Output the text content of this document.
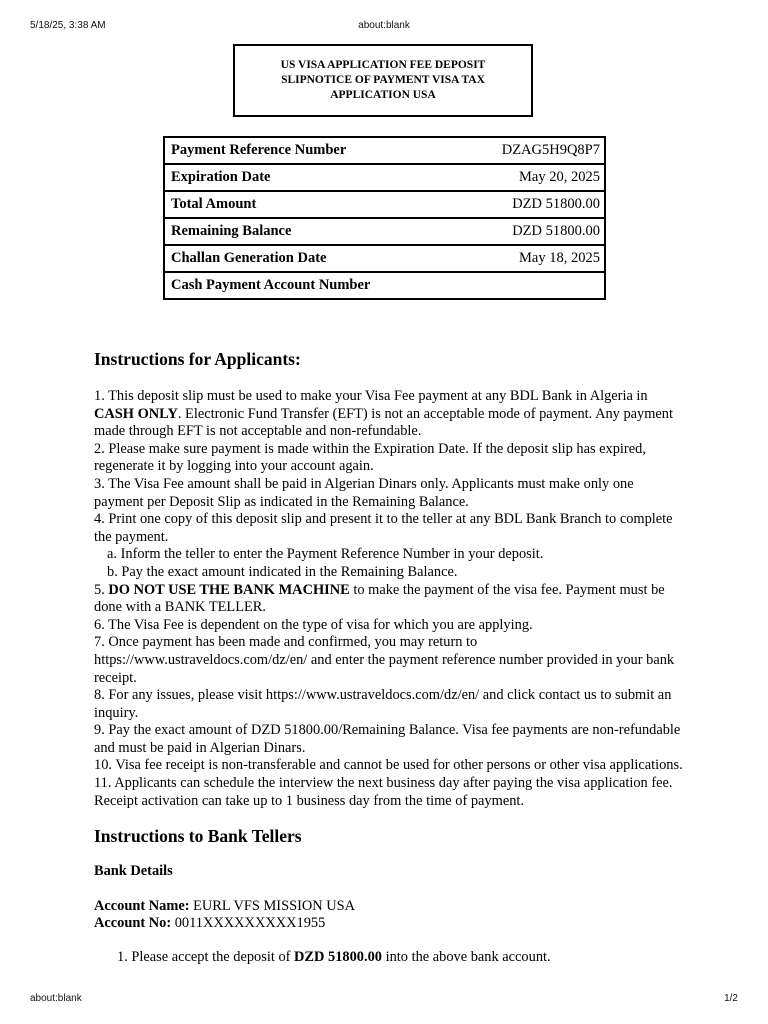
5/18/25, 3:38 AM	about:blank
US VISA APPLICATION FEE DEPOSIT SLIPNOTICE OF PAYMENT VISA TAX APPLICATION USA
Payment Reference Number	DZAG5H9Q8P7
Expiration Date	May 20, 2025
Total Amount	DZD 51800.00
Remaining Balance	DZD 51800.00
Challan Generation Date	May 18, 2025
Cash Payment Account Number	
Instructions for Applicants:

1. This deposit slip must be used to make your Visa Fee payment at any BDL Bank in Algeria in CASH ONLY. Electronic Fund Transfer (EFT) is not an acceptable mode of payment. Any payment made through EFT is not acceptable and non-refundable.

2. Please make sure payment is made within the Expiration Date. If the deposit slip has expired, regenerate it by logging into your account again.

3. The Visa Fee amount shall be paid in Algerian Dinars only. Applicants must make only one payment per Deposit Slip as indicated in the Remaining Balance.

4. Print one copy of this deposit slip and present it to the teller at any BDL Bank Branch to complete the payment.

a. Inform the teller to enter the Payment Reference Number in your deposit.

b. Pay the exact amount indicated in the Remaining Balance.

5. DO NOT USE THE BANK MACHINE to make the payment of the visa fee. Payment must be done with a BANK TELLER.

6. The Visa Fee is dependent on the type of visa for which you are applying.

7. Once payment has been made and confirmed, you may return to https://www.ustraveldocs.com/dz/en/ and enter the payment reference number provided in your bank receipt.

8. For any issues, please visit https://www.ustraveldocs.com/dz/en/ and click contact us to submit an inquiry.

9. Pay the exact amount of DZD 51800.00/Remaining Balance. Visa fee payments are non-refundable and must be paid in Algerian Dinars.

10. Visa fee receipt is non-transferable and cannot be used for other persons or other visa applications.

11. Applicants can schedule the interview the next business day after paying the visa application fee. Receipt activation can take up to 1 business day from the time of payment.

Instructions to Bank Tellers

Bank Details

Account Name: EURL VFS MISSION USA

Account No: 0011XXXXXXXXX1955

1. Please accept the deposit of DZD 51800.00 into the above bank account.

about:blank	1/2
